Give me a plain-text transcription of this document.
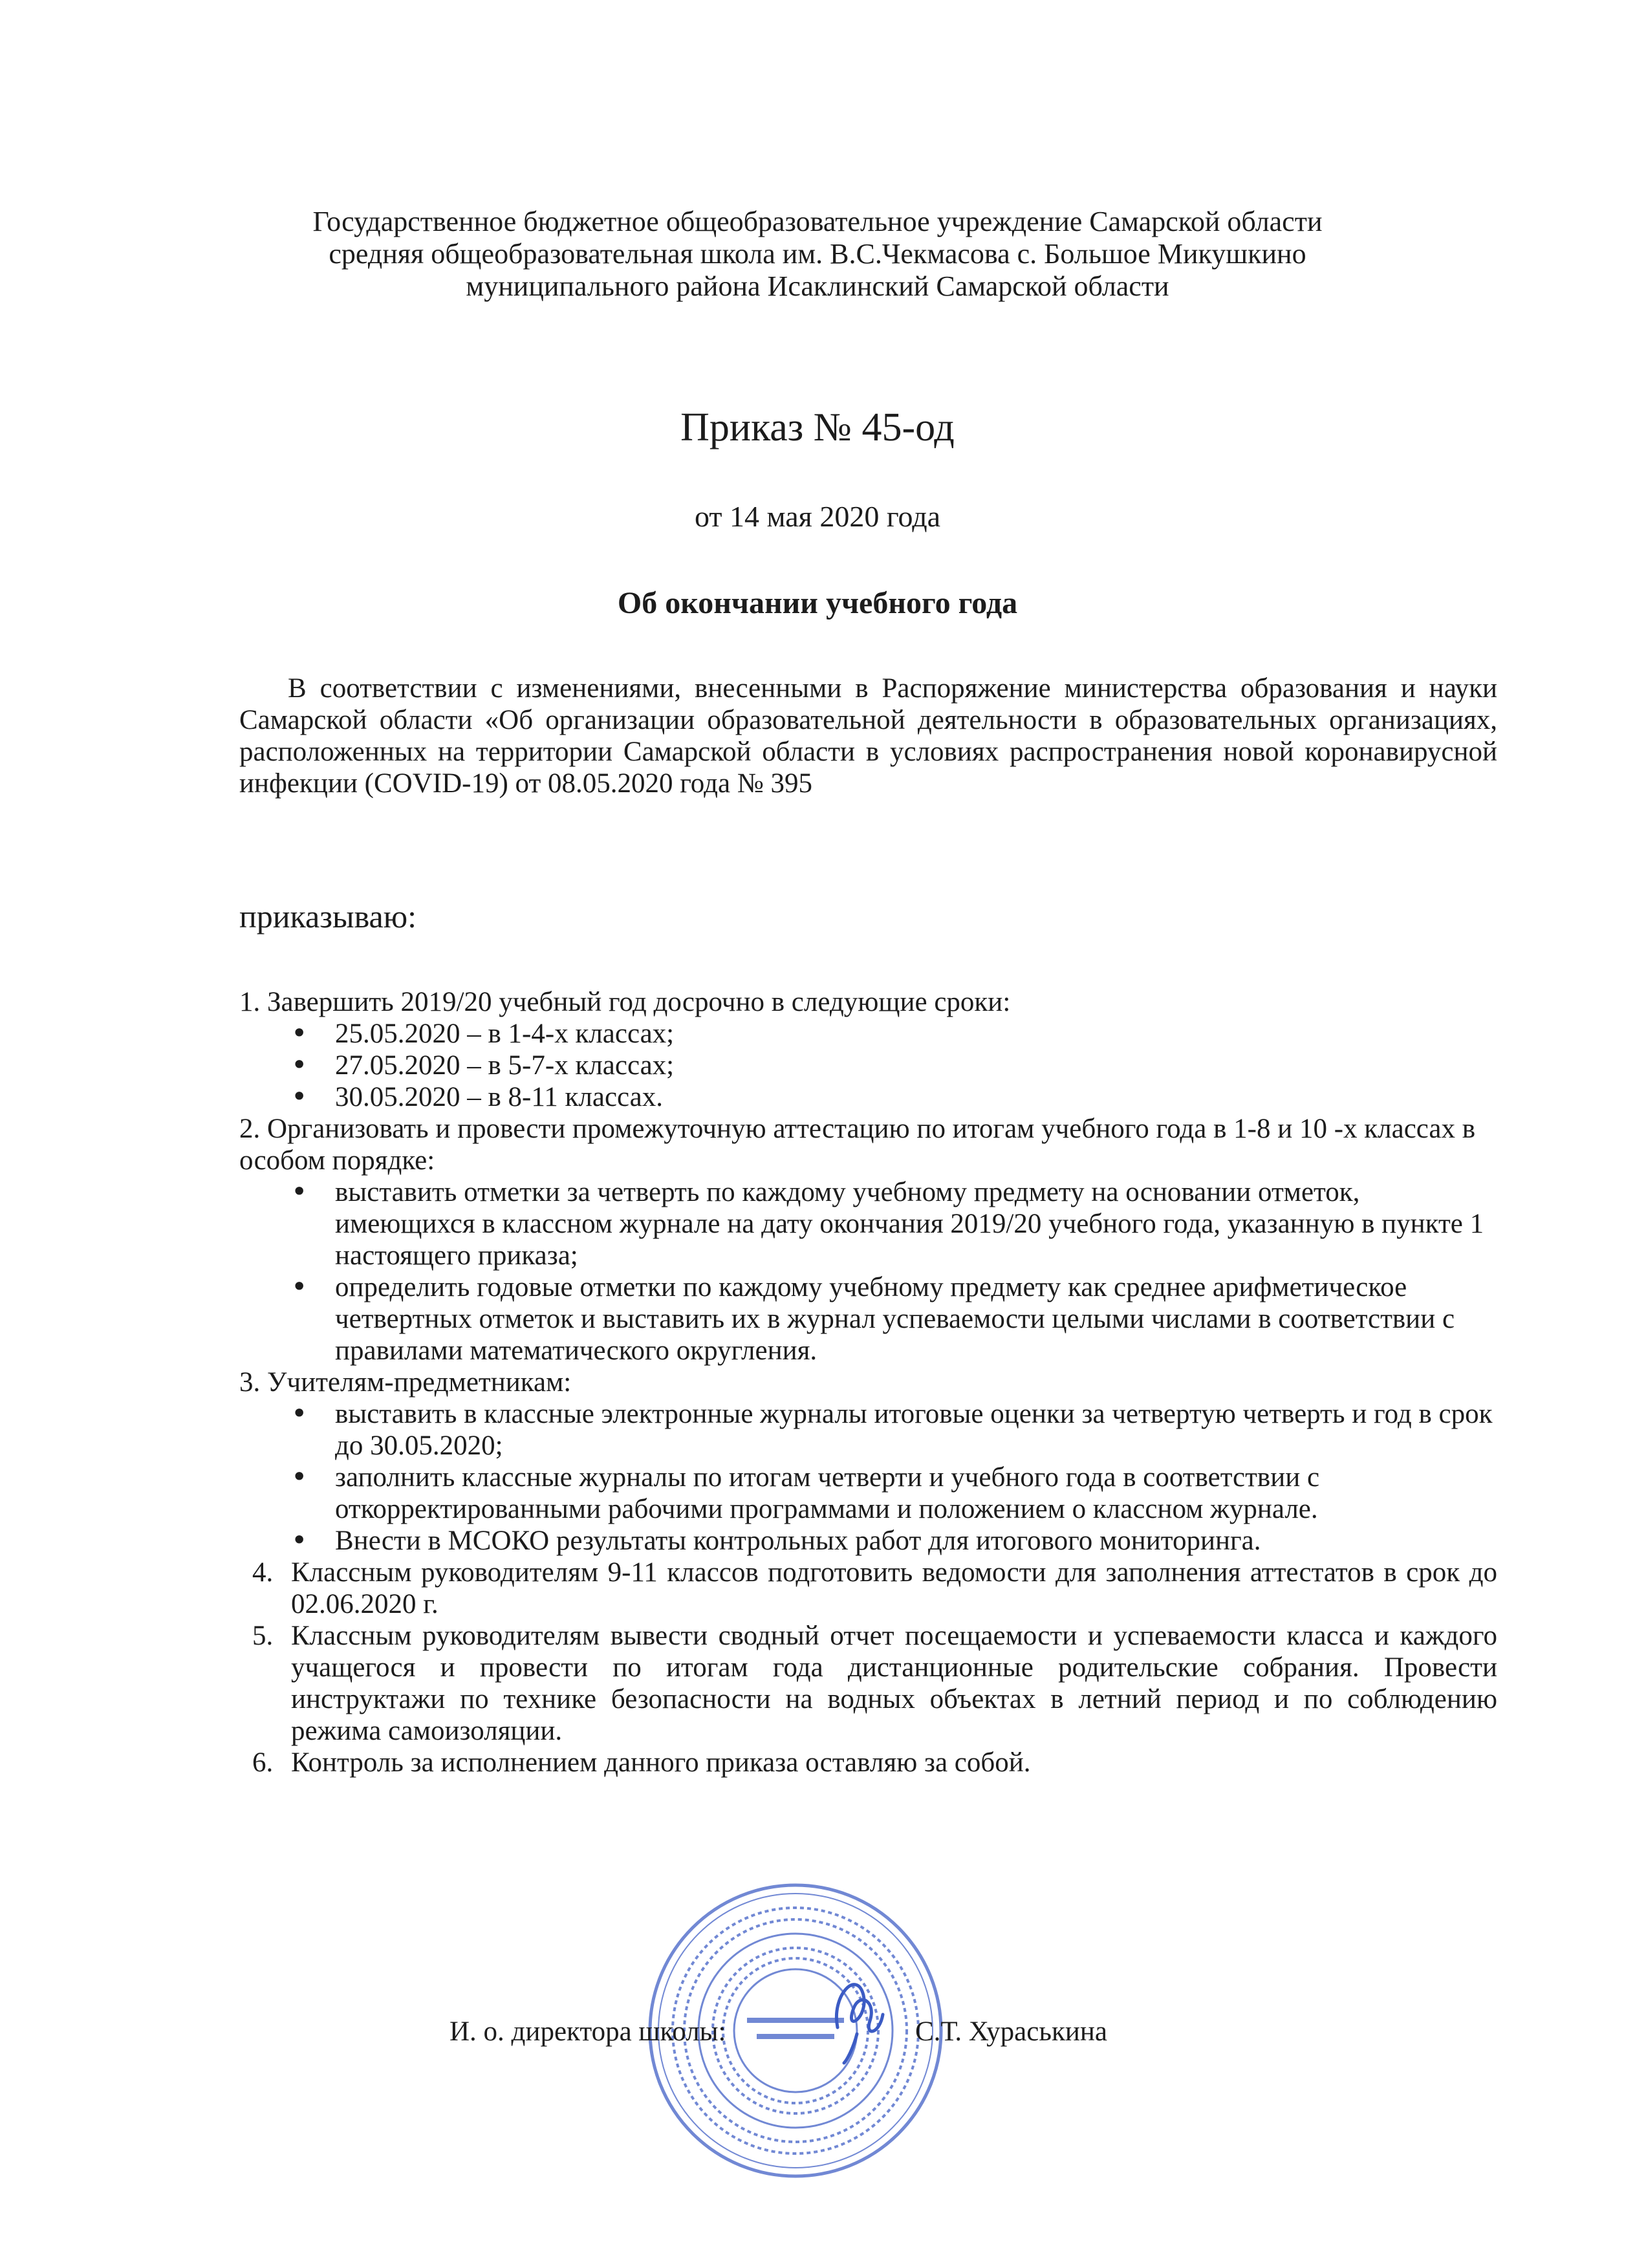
Государственное бюджетное общеобразовательное учреждение Самарской области
средняя общеобразовательная школа им. В.С.Чекмасова с. Большое Микушкино
муниципального района Исаклинский Самарской области
Приказ № 45-од
от 14 мая 2020 года
Об окончании учебного года
В соответствии с изменениями, внесенными в Распоряжение министерства образования и науки Самарской области «Об организации образовательной деятельности в образовательных организациях, расположенных на территории Самарской области в условиях распространения новой коронавирусной инфекции (COVID-19) от 08.05.2020 года № 395
приказываю:

1. Завершить 2019/20 учебный год досрочно в следующие сроки:

• 25.05.2020 – в 1-4-х классах;
• 27.05.2020 – в 5-7-х классах;
• 30.05.2020 – в 8-11 классах.

2. Организовать и провести промежуточную аттестацию по итогам учебного года в 1-8 и 10 -х классах в особом порядке:

• выставить отметки за четверть по каждому учебному предмету на основании отметок, имеющихся в классном журнале на дату окончания 2019/20 учебного года, указанную в пункте 1 настоящего приказа;
• определить годовые отметки по каждому учебному предмету как среднее арифметическое четвертных отметок и выставить их в журнал успеваемости целыми числами в соответствии с правилами математического округления.

3. Учителям-предметникам:

• выставить в классные электронные журналы итоговые оценки за четвертую четверть и год в срок до 30.05.2020;
• заполнить классные журналы по итогам четверти и учебного года в соответствии с откорректированными рабочими программами и положением о классном журнале.
• Внести в МСОКО результаты контрольных работ для итогового мониторинга.
4. Классным руководителям 9-11 классов подготовить ведомости для заполнения аттестатов в срок до 02.06.2020 г.
5. Классным руководителям вывести сводный отчет посещаемости и успеваемости класса и каждого учащегося и провести по итогам года дистанционные родительские собрания. Провести инструктажи по технике безопасности на водных объектах в летний период и по соблюдению режима самоизоляции.
6. Контроль за исполнением данного приказа оставляю за собой.
И. о. директора школы:	С.Т. Хураськина
